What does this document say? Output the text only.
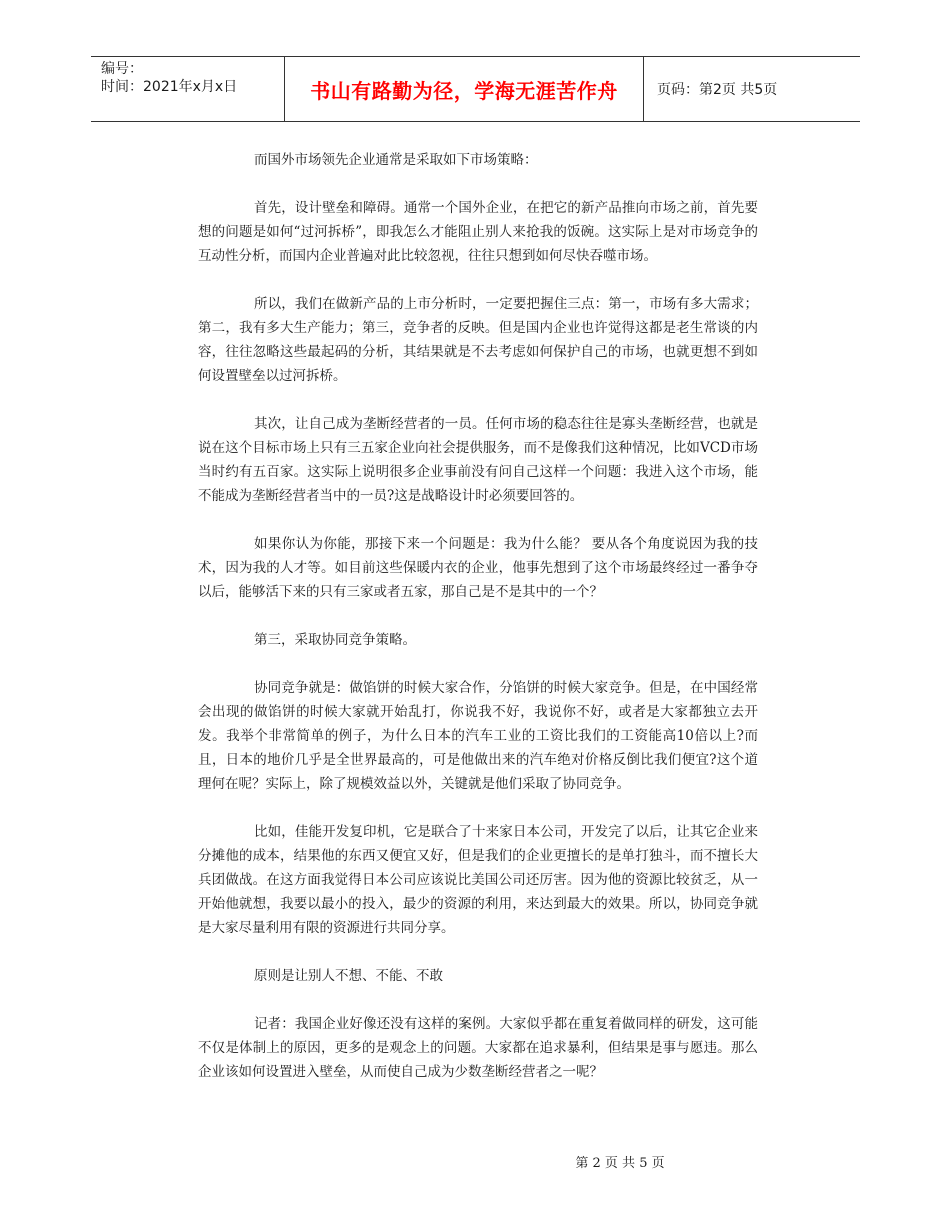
编号：
时间：2021年x月x日	书山有路勤为径，学海无涯苦作舟	页码：第2页 共5页

而国外市场领先企业通常是采取如下市场策略：

首先，设计壁垒和障碍。通常一个国外企业，在把它的新产品推向市场之前，首先要想的问题是如何“过河拆桥”，即我怎么才能阻止别人来抢我的饭碗。这实际上是对市场竞争的互动性分析，而国内企业普遍对此比较忽视，往往只想到如何尽快吞噬市场。

所以，我们在做新产品的上市分析时，一定要把握住三点：第一，市场有多大需求；第二，我有多大生产能力；第三，竞争者的反映。但是国内企业也许觉得这都是老生常谈的内容，往往忽略这些最起码的分析，其结果就是不去考虑如何保护自己的市场，也就更想不到如何设置壁垒以过河拆桥。

其次，让自己成为垄断经营者的一员。任何市场的稳态往往是寡头垄断经营，也就是说在这个目标市场上只有三五家企业向社会提供服务，而不是像我们这种情况，比如VCD市场当时约有五百家。这实际上说明很多企业事前没有问自己这样一个问题：我进入这个市场，能不能成为垄断经营者当中的一员?这是战略设计时必须要回答的。

如果你认为你能，那接下来一个问题是：我为什么能？ 要从各个角度说因为我的技术，因为我的人才等。如目前这些保暖内衣的企业，他事先想到了这个市场最终经过一番争夺以后，能够活下来的只有三家或者五家，那自己是不是其中的一个？

第三，采取协同竞争策略。

协同竞争就是：做馅饼的时候大家合作，分馅饼的时候大家竞争。但是，在中国经常会出现的做馅饼的时候大家就开始乱打，你说我不好，我说你不好，或者是大家都独立去开发。我举个非常简单的例子，为什么日本的汽车工业的工资比我们的工资能高10倍以上?而且，日本的地价几乎是全世界最高的，可是他做出来的汽车绝对价格反倒比我们便宜?这个道理何在呢？实际上，除了规模效益以外，关键就是他们采取了协同竞争。

比如，佳能开发复印机，它是联合了十来家日本公司，开发完了以后，让其它企业来分摊他的成本，结果他的东西又便宜又好，但是我们的企业更擅长的是单打独斗，而不擅长大兵团做战。在这方面我觉得日本公司应该说比美国公司还厉害。因为他的资源比较贫乏，从一开始他就想，我要以最小的投入，最少的资源的利用，来达到最大的效果。所以，协同竞争就是大家尽量利用有限的资源进行共同分享。

原则是让别人不想、不能、不敢

记者：我国企业好像还没有这样的案例。大家似乎都在重复着做同样的研发，这可能不仅是体制上的原因，更多的是观念上的问题。大家都在追求暴利，但结果是事与愿违。那么企业该如何设置进入壁垒，从而使自己成为少数垄断经营者之一呢？

第 2 页 共 5 页
